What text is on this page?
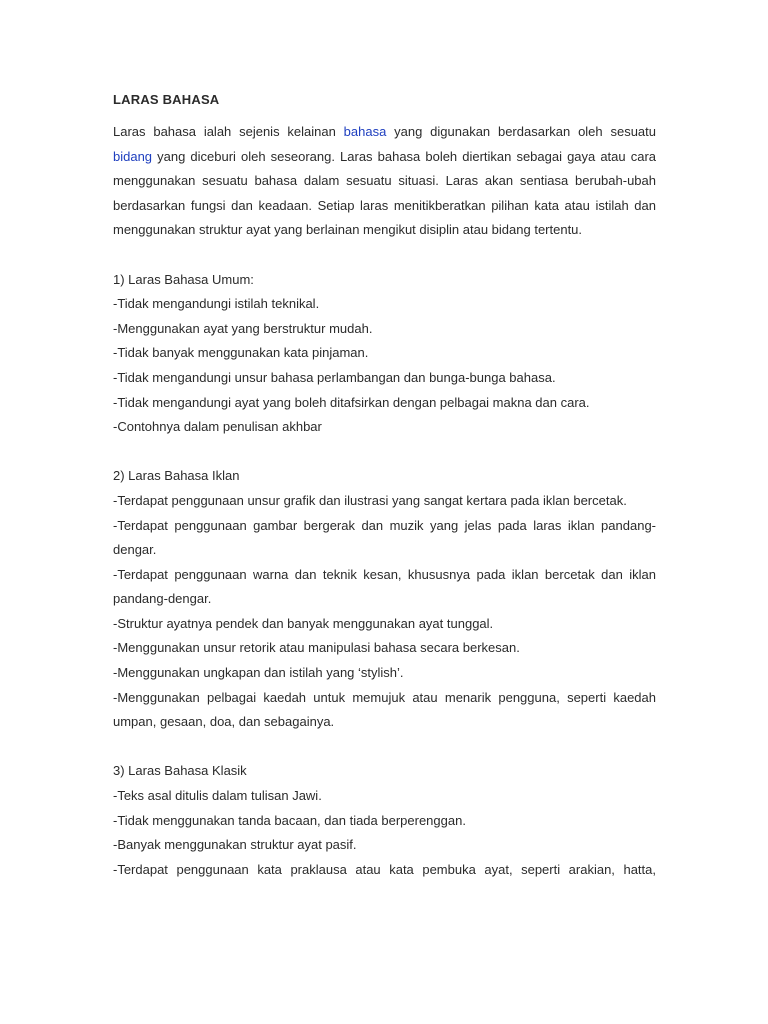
LARAS BAHASA

Laras bahasa ialah sejenis kelainan bahasa yang digunakan berdasarkan oleh sesuatu bidang yang diceburi oleh seseorang. Laras bahasa boleh diertikan sebagai gaya atau cara menggunakan sesuatu bahasa dalam sesuatu situasi. Laras akan sentiasa berubah-ubah berdasarkan fungsi dan keadaan. Setiap laras menitikberatkan pilihan kata atau istilah dan menggunakan struktur ayat yang berlainan mengikut disiplin atau bidang tertentu.

1) Laras Bahasa Umum:

-Tidak mengandungi istilah teknikal.

-Menggunakan ayat yang berstruktur mudah.

-Tidak banyak menggunakan kata pinjaman.

-Tidak mengandungi unsur bahasa perlambangan dan bunga-bunga bahasa.

-Tidak mengandungi ayat yang boleh ditafsirkan dengan pelbagai makna dan cara.

-Contohnya dalam penulisan akhbar

2) Laras Bahasa Iklan

-Terdapat penggunaan unsur grafik dan ilustrasi yang sangat kertara pada iklan bercetak.

-Terdapat penggunaan gambar bergerak dan muzik yang jelas pada laras iklan pandang-dengar.

-Terdapat penggunaan warna dan teknik kesan, khususnya pada iklan bercetak dan iklan pandang-dengar.

-Struktur ayatnya pendek dan banyak menggunakan ayat tunggal.

-Menggunakan unsur retorik atau manipulasi bahasa secara berkesan.

-Menggunakan ungkapan dan istilah yang ‘stylish’.

-Menggunakan pelbagai kaedah untuk memujuk atau menarik pengguna, seperti kaedah umpan, gesaan, doa, dan sebagainya.

3) Laras Bahasa Klasik

-Teks asal ditulis dalam tulisan Jawi.

-Tidak menggunakan tanda bacaan, dan tiada berperenggan.

-Banyak menggunakan struktur ayat pasif.

-Terdapat penggunaan kata praklausa atau kata pembuka ayat, seperti arakian, hatta,
